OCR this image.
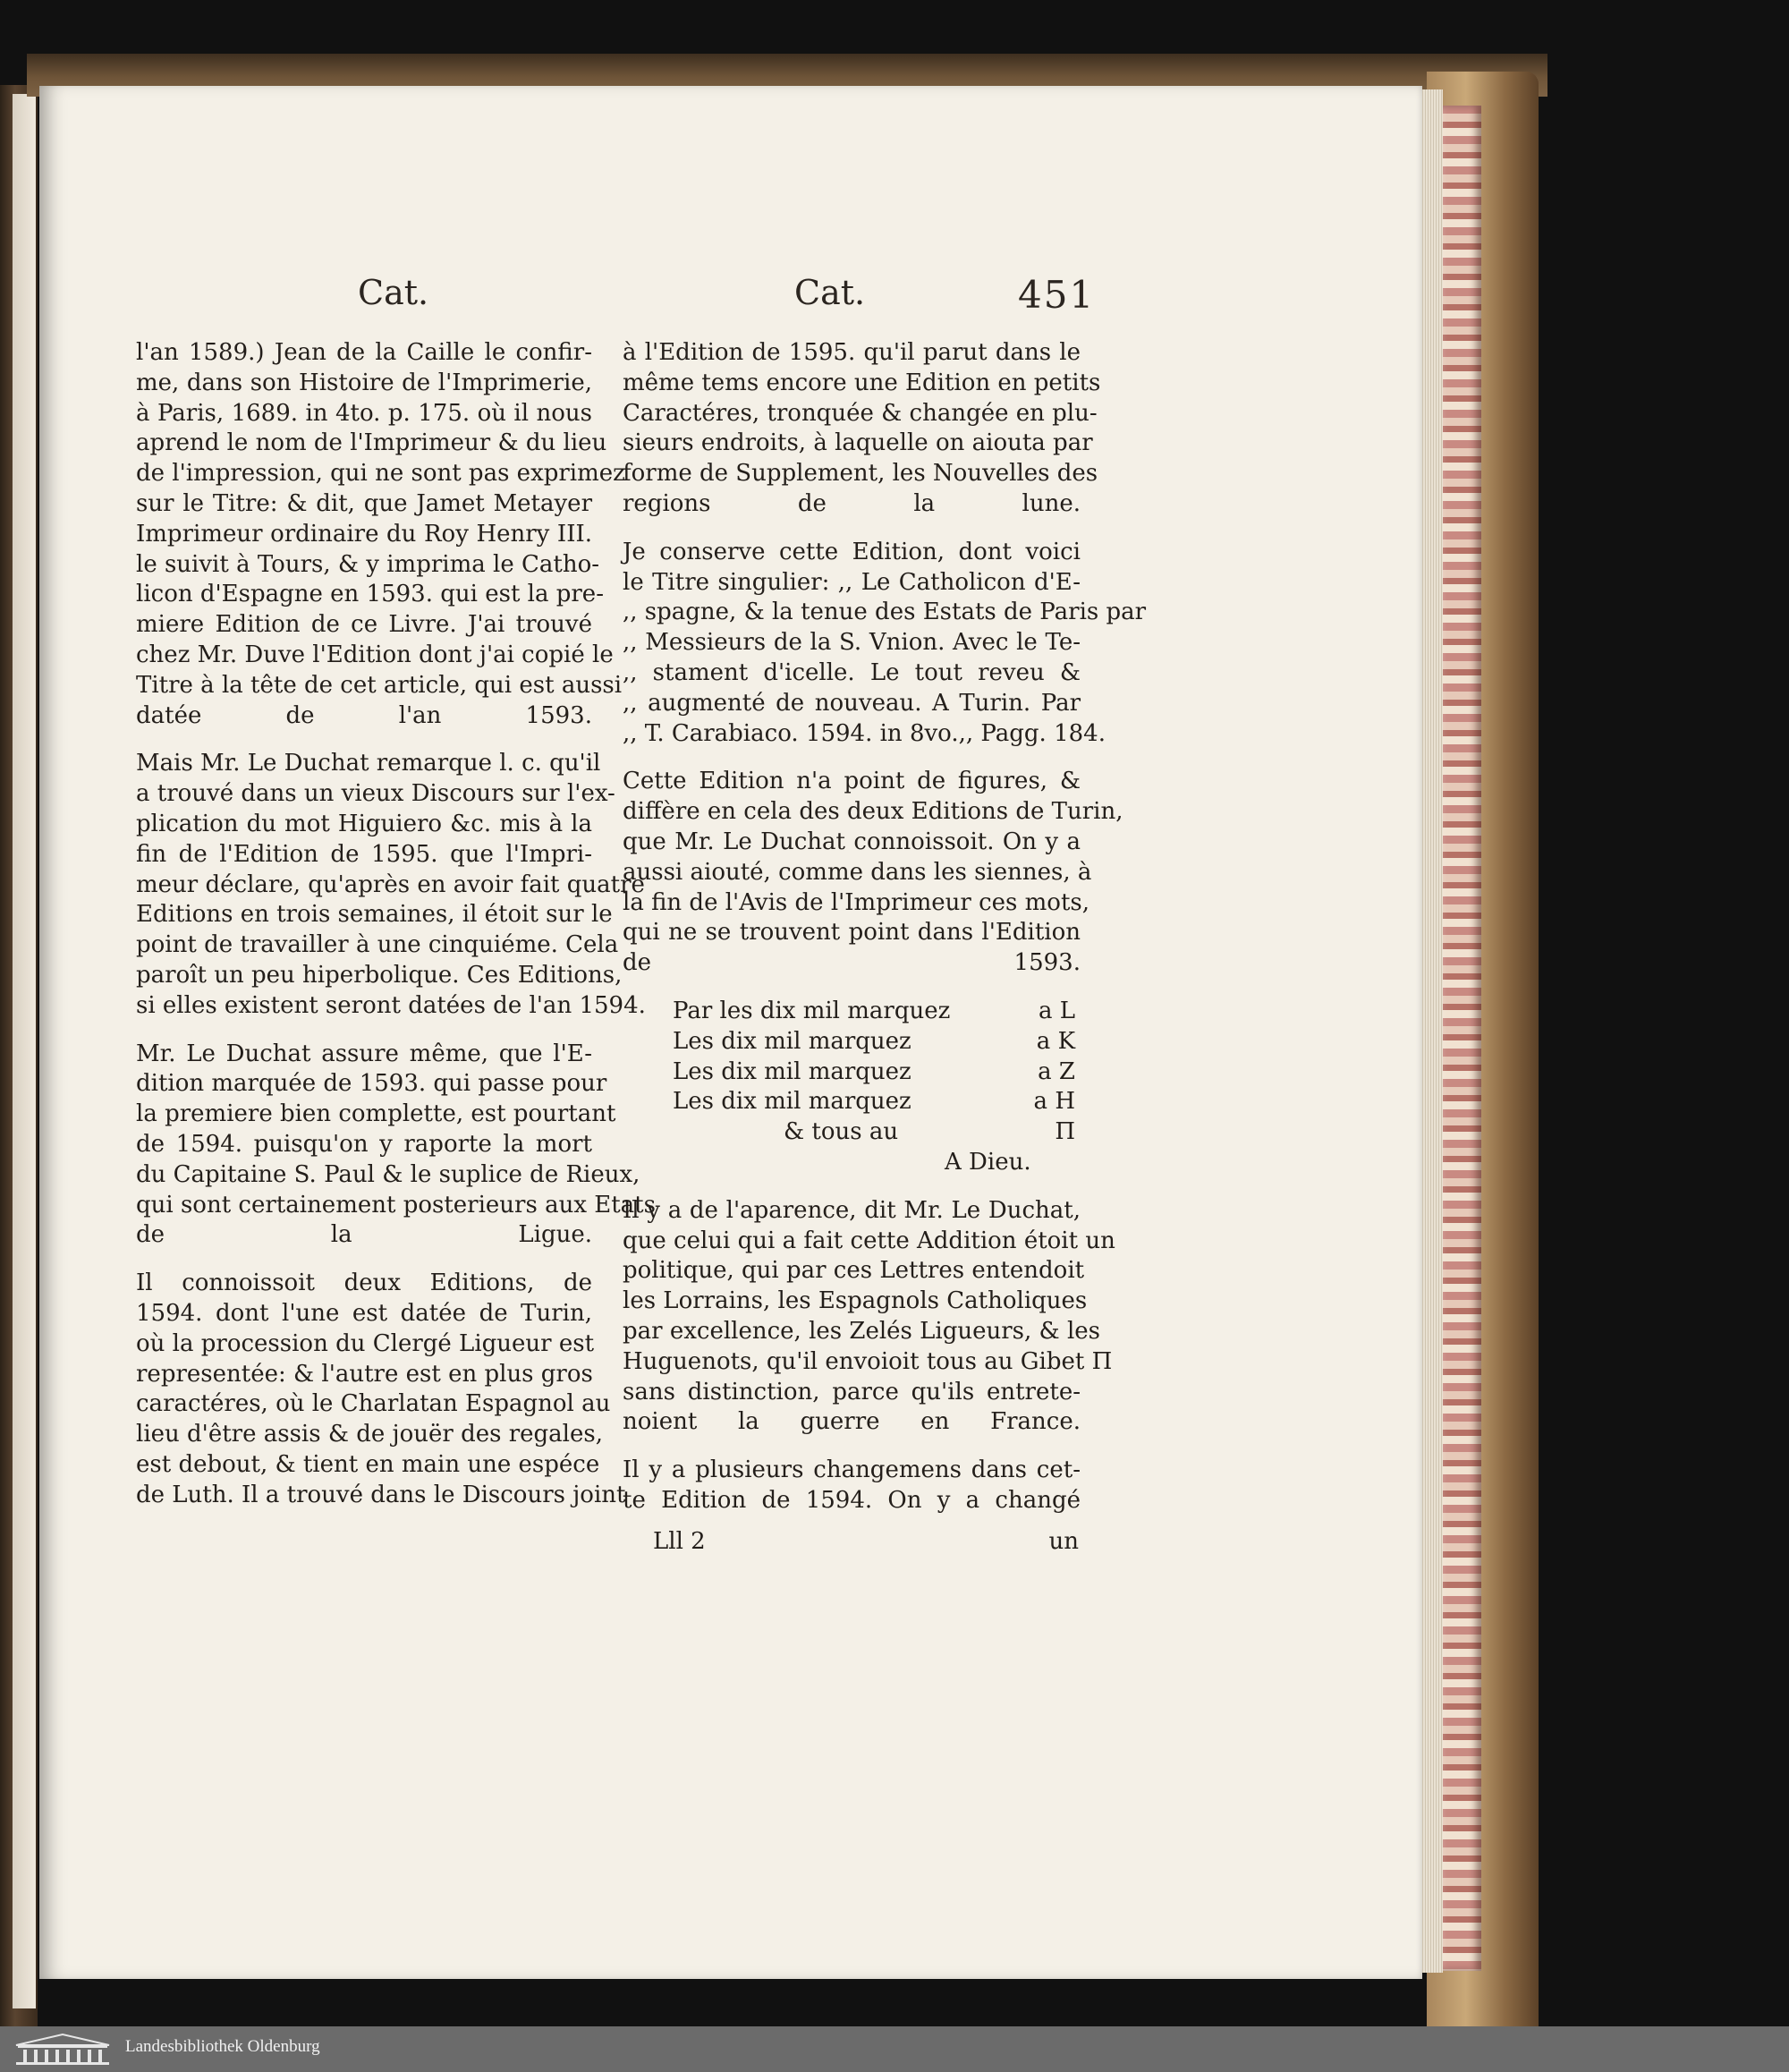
Cat.	Cat.	451
l'an 1589.) Jean de la Caille le confir-
me, dans son Histoire de l'Imprimerie,
à Paris, 1689. in 4to. p. 175. où il nous
aprend le nom de l'Imprimeur & du lieu
de l'impression, qui ne sont pas exprimez
sur le Titre: & dit, que Jamet Metayer
Imprimeur ordinaire du Roy Henry III.
le suivit à Tours, & y imprima le Catho-
licon d'Espagne en 1593. qui est la pre-
miere Edition de ce Livre. J'ai trouvé
chez Mr. Duve l'Edition dont j'ai copié le
Titre à la tête de cet article, qui est aussi
datée de l'an 1593.
Mais Mr. Le Duchat remarque l. c. qu'il
a trouvé dans un vieux Discours sur l'ex-
plication du mot Higuiero &c. mis à la
fin de l'Edition de 1595. que l'Impri-
meur déclare, qu'après en avoir fait quatre
Editions en trois semaines, il étoit sur le
point de travailler à une cinquiéme. Cela
paroît un peu hiperbolique. Ces Editions,
si elles existent seront datées de l'an 1594.
Mr. Le Duchat assure même, que l'E-
dition marquée de 1593. qui passe pour
la premiere bien complette, est pourtant
de 1594. puisqu'on y raporte la mort
du Capitaine S. Paul & le suplice de Rieux,
qui sont certainement posterieurs aux Etats
de la Ligue.
Il connoissoit deux Editions, de
1594. dont l'une est datée de Turin,
où la procession du Clergé Ligueur est
representée: & l'autre est en plus gros
caractéres, où le Charlatan Espagnol au
lieu d'être assis & de jouër des regales,
est debout, & tient en main une espéce
de Luth. Il a trouvé dans le Discours joint
à l'Edition de 1595. qu'il parut dans le
même tems encore une Edition en petits
Caractéres, tronquée & changée en plu-
sieurs endroits, à laquelle on aiouta par
forme de Supplement, les Nouvelles des
regions de la lune.
Je conserve cette Edition, dont voici
le Titre singulier: ,, Le Catholicon d'E-
,, spagne, & la tenue des Estats de Paris par
,, Messieurs de la S. Vnion. Avec le Te-
,, stament d'icelle. Le tout reveu &
,, augmenté de nouveau. A Turin. Par
,, T. Carabiaco. 1594. in 8vo.,, Pagg. 184.
Cette Edition n'a point de figures, &
diffère en cela des deux Editions de Turin,
que Mr. Le Duchat connoissoit. On y a
aussi aiouté, comme dans les siennes, à
la fin de l'Avis de l'Imprimeur ces mots,
qui ne se trouvent point dans l'Edition
de 1593.
Par les dix mil marquez	a L
Les dix mil marquez	a K
Les dix mil marquez	a Z
Les dix mil marquez	a H
& tous au	Π
A Dieu.
Il y a de l'aparence, dit Mr. Le Duchat,
que celui qui a fait cette Addition étoit un
politique, qui par ces Lettres entendoit
les Lorrains, les Espagnols Catholiques
par excellence, les Zelés Ligueurs, & les
Huguenots, qu'il envoioit tous au Gibet Π
sans distinction, parce qu'ils entrete-
noient la guerre en France.
Il y a plusieurs changemens dans cet-
te Edition de 1594. On y a changé
Lll 2	un
Landesbibliothek Oldenburg
